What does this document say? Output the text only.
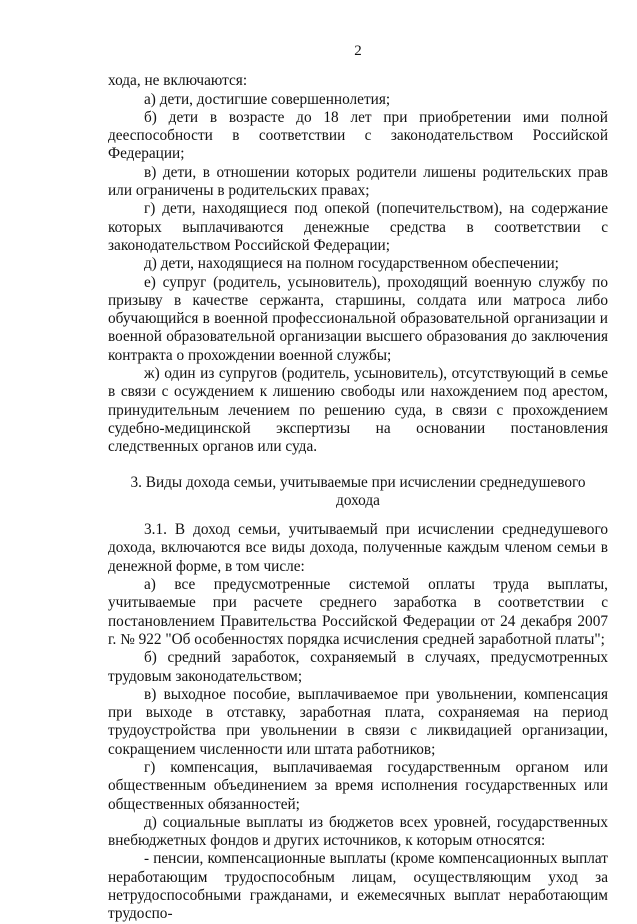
2

хода, не включаются:

а) дети, достигшие совершеннолетия;

б) дети в возрасте до 18 лет при приобретении ими полной дееспособности в соответствии с законодательством Российской Федерации;

в) дети, в отношении которых родители лишены родительских прав или ограничены в родительских правах;

г) дети, находящиеся под опекой (попечительством), на содержание которых выплачиваются денежные средства в соответствии с законодательством Российской Федерации;

д) дети, находящиеся на полном государственном обеспечении;

е) супруг (родитель, усыновитель), проходящий военную службу по призыву в качестве сержанта, старшины, солдата или матроса либо обучающийся в военной профессиональной образовательной организации и военной образовательной организации высшего образования до заключения контракта о прохождении военной службы;

ж) один из супругов (родитель, усыновитель), отсутствующий в семье в связи с осуждением к лишению свободы или нахождением под арестом, принудительным лечением по решению суда, в связи с прохождением судебно-медицинской экспертизы на основании постановления следственных органов или суда.

3. Виды дохода семьи, учитываемые при исчислении среднедушевого дохода

3.1. В доход семьи, учитываемый при исчислении среднедушевого дохода, включаются все виды дохода, полученные каждым членом семьи в денежной форме, в том числе:

а) все предусмотренные системой оплаты труда выплаты, учитываемые при расчете среднего заработка в соответствии с постановлением Правительства Российской Федерации от 24 декабря 2007 г. № 922 "Об особенностях порядка исчисления средней заработной платы";

б) средний заработок, сохраняемый в случаях, предусмотренных трудовым законодательством;

в) выходное пособие, выплачиваемое при увольнении, компенсация при выходе в отставку, заработная плата, сохраняемая на период трудоустройства при увольнении в связи с ликвидацией организации, сокращением численности или штата работников;

г) компенсация, выплачиваемая государственным органом или общественным объединением за время исполнения государственных или общественных обязанностей;

д) социальные выплаты из бюджетов всех уровней, государственных внебюджетных фондов и других источников, к которым относятся:

- пенсии, компенсационные выплаты (кроме компенсационных выплат неработающим трудоспособным лицам, осуществляющим уход за нетрудоспособными гражданами, и ежемесячных выплат неработающим трудоспо-
